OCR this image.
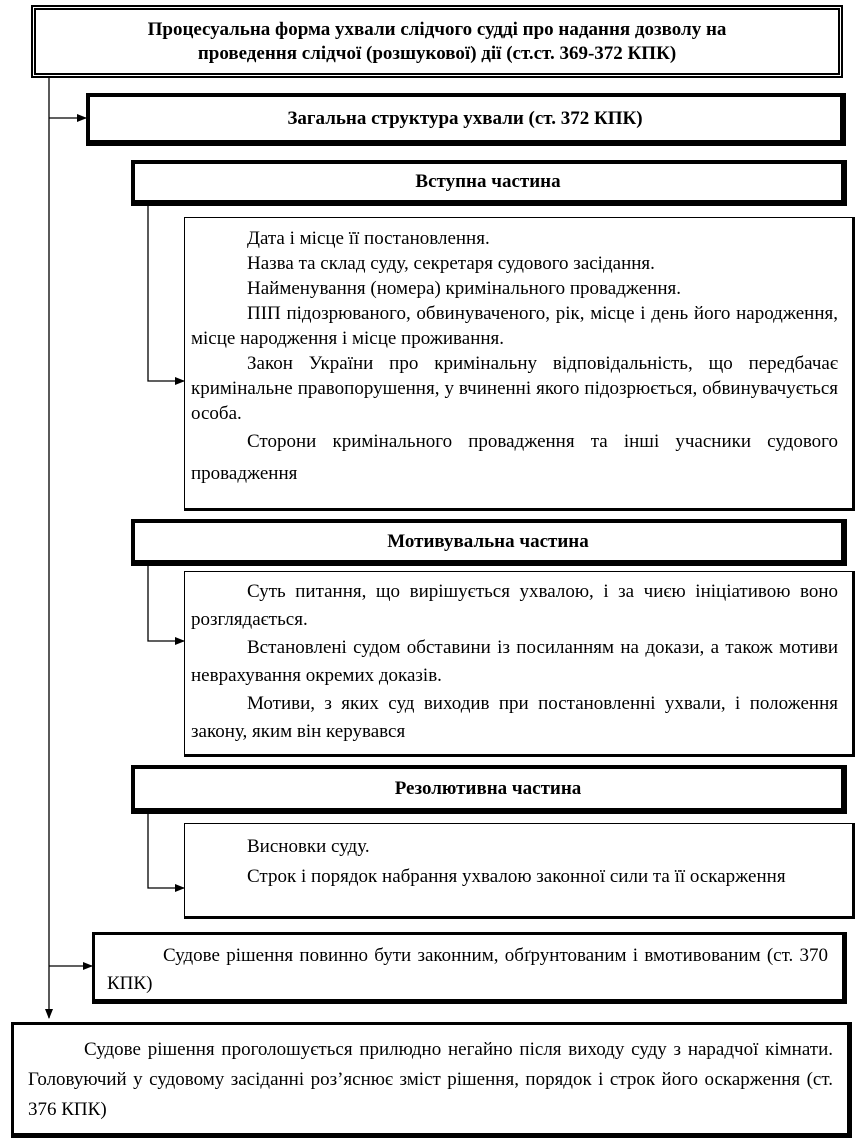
Процесуальна форма ухвали слідчого судді про надання дозволу на
проведення слідчої (розшукової) дії (ст.ст. 369-372 КПК)
Загальна структура ухвали (ст. 372 КПК)
Вступна частина

Дата і місце її постановлення.

Назва та склад суду, секретаря судового засідання.

Найменування (номера) кримінального провадження.

ПІП підозрюваного, обвинуваченого, рік, місце і день його народження, місце народження і місце проживання.

Закон України про кримінальну відповідальність, що передбачає кримінальне правопорушення, у вчиненні якого підозрюється, обвинувачується особа.

Сторони кримінального провадження та інші учасники судового провадження

Мотивувальна частина

Суть питання, що вирішується ухвалою, і за чиєю ініціативою воно розглядається.

Встановлені судом обставини із посиланням на докази, а також мотиви неврахування окремих доказів.

Мотиви, з яких суд виходив при постановленні ухвали, і положення закону, яким він керувався

Резолютивна частина

Висновки суду.

Строк і порядок набрання ухвалою законної сили та її оскарження

Судове рішення повинно бути законним, обґрунтованим і вмотивованим (ст. 370 КПК)

Судове рішення проголошується прилюдно негайно після виходу суду з нарадчої кімнати. Головуючий у судовому засіданні роз’яснює зміст рішення, порядок і строк його оскарження (ст. 376 КПК)
